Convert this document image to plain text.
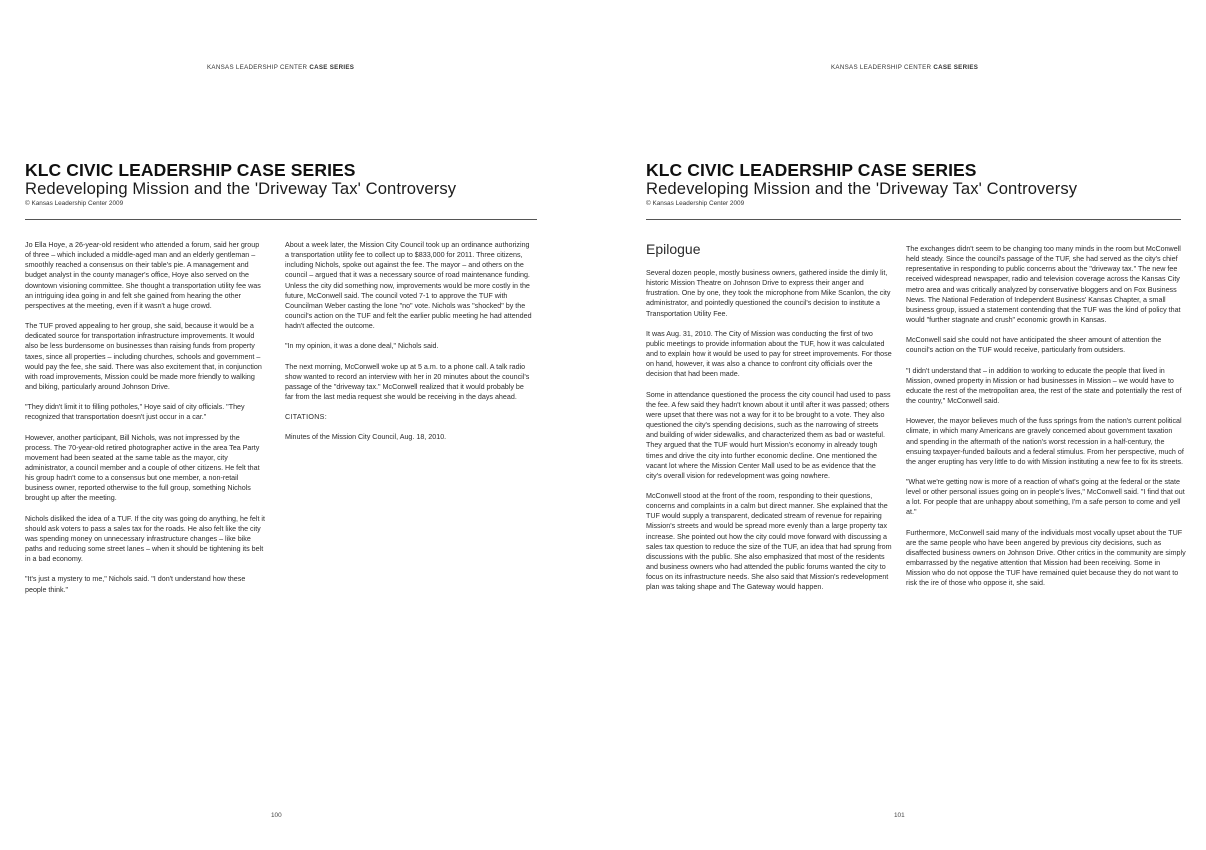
KANSAS LEADERSHIP CENTER CASE SERIES
KLC CIVIC LEADERSHIP CASE SERIES
Redeveloping Mission and the 'Driveway Tax' Controversy
© Kansas Leadership Center 2009

Jo Ella Hoye, a 26-year-old resident who attended a forum, said her group of three – which included a middle-aged man and an elderly gentleman – smoothly reached a consensus on their table's pie. A management and budget analyst in the county manager's office, Hoye also served on the downtown visioning committee. She thought a transportation utility fee was an intriguing idea going in and felt she gained from hearing the other perspectives at the meeting, even if it wasn't a huge crowd.

The TUF proved appealing to her group, she said, because it would be a dedicated source for transportation infrastructure improvements. It would also be less burdensome on businesses than raising funds from property taxes, since all properties – including churches, schools and government – would pay the fee, she said. There was also excitement that, in conjunction with road improvements, Mission could be made more friendly to walking and biking, particularly around Johnson Drive.

"They didn't limit it to filling potholes," Hoye said of city officials. "They recognized that transportation doesn't just occur in a car."

However, another participant, Bill Nichols, was not impressed by the process. The 70-year-old retired photographer active in the area Tea Party movement had been seated at the same table as the mayor, city administrator, a council member and a couple of other citizens. He felt that his group hadn't come to a consensus but one member, a non-retail business owner, reported otherwise to the full group, something Nichols brought up after the meeting.

Nichols disliked the idea of a TUF. If the city was going do anything, he felt it should ask voters to pass a sales tax for the roads. He also felt like the city was spending money on unnecessary infrastructure changes – like bike paths and reducing some street lanes – when it should be tightening its belt in a bad economy.

"It's just a mystery to me," Nichols said. "I don't understand how these people think."

About a week later, the Mission City Council took up an ordinance authorizing a transportation utility fee to collect up to $833,000 for 2011. Three citizens, including Nichols, spoke out against the fee. The mayor – and others on the council – argued that it was a necessary source of road maintenance funding. Unless the city did something now, improvements would be more costly in the future, McConwell said. The council voted 7-1 to approve the TUF with Councilman Weber casting the lone "no" vote. Nichols was "shocked" by the council's action on the TUF and felt the earlier public meeting he had attended hadn't affected the outcome.

"In my opinion, it was a done deal," Nichols said.

The next morning, McConwell woke up at 5 a.m. to a phone call. A talk radio show wanted to record an interview with her in 20 minutes about the council's passage of the "driveway tax." McConwell realized that it would probably be far from the last media request she would be receiving in the days ahead.

CITATIONS:

Minutes of the Mission City Council, Aug. 18, 2010.

100
KANSAS LEADERSHIP CENTER CASE SERIES
KLC CIVIC LEADERSHIP CASE SERIES
Redeveloping Mission and the 'Driveway Tax' Controversy
© Kansas Leadership Center 2009
Epilogue

Several dozen people, mostly business owners, gathered inside the dimly lit, historic Mission Theatre on Johnson Drive to express their anger and frustration. One by one, they took the microphone from Mike Scanlon, the city administrator, and pointedly questioned the council's decision to institute a Transportation Utility Fee.

It was Aug. 31, 2010. The City of Mission was conducting the first of two public meetings to provide information about the TUF, how it was calculated and to explain how it would be used to pay for street improvements. For those on hand, however, it was also a chance to confront city officials over the decision that had been made.

Some in attendance questioned the process the city council had used to pass the fee. A few said they hadn't known about it until after it was passed; others were upset that there was not a way for it to be brought to a vote. They also questioned the city's spending decisions, such as the narrowing of streets and building of wider sidewalks, and characterized them as bad or wasteful. They argued that the TUF would hurt Mission's economy in already tough times and drive the city into further economic decline. One mentioned the vacant lot where the Mission Center Mall used to be as evidence that the city's overall vision for redevelopment was going nowhere.

McConwell stood at the front of the room, responding to their questions, concerns and complaints in a calm but direct manner. She explained that the TUF would supply a transparent, dedicated stream of revenue for repairing Mission's streets and would be spread more evenly than a large property tax increase. She pointed out how the city could move forward with discussing a sales tax question to reduce the size of the TUF, an idea that had sprung from discussions with the public. She also emphasized that most of the residents and business owners who had attended the public forums wanted the city to focus on its infrastructure needs. She also said that Mission's redevelopment plan was taking shape and The Gateway would happen.

The exchanges didn't seem to be changing too many minds in the room but McConwell held steady. Since the council's passage of the TUF, she had served as the city's chief representative in responding to public concerns about the "driveway tax." The new fee received widespread newspaper, radio and television coverage across the Kansas City metro area and was critically analyzed by conservative bloggers and on Fox Business News. The National Federation of Independent Business' Kansas Chapter, a small business group, issued a statement contending that the TUF was the kind of policy that would "further stagnate and crush" economic growth in Kansas.

McConwell said she could not have anticipated the sheer amount of attention the council's action on the TUF would receive, particularly from outsiders.

"I didn't understand that – in addition to working to educate the people that lived in Mission, owned property in Mission or had businesses in Mission – we would have to educate the rest of the metropolitan area, the rest of the state and potentially the rest of the country," McConwell said.

However, the mayor believes much of the fuss springs from the nation's current political climate, in which many Americans are gravely concerned about government taxation and spending in the aftermath of the nation's worst recession in a half-century, the ensuing taxpayer-funded bailouts and a federal stimulus. From her perspective, much of the anger erupting has very little to do with Mission instituting a new fee to fix its streets.

"What we're getting now is more of a reaction of what's going at the federal or the state level or other personal issues going on in people's lives," McConwell said. "I find that out a lot. For people that are unhappy about something, I'm a safe person to come and yell at."

Furthermore, McConwell said many of the individuals most vocally upset about the TUF are the same people who have been angered by previous city decisions, such as disaffected business owners on Johnson Drive. Other critics in the community are simply embarrassed by the negative attention that Mission had been receiving. Some in Mission who do not oppose the TUF have remained quiet because they do not want to risk the ire of those who oppose it, she said.

101
